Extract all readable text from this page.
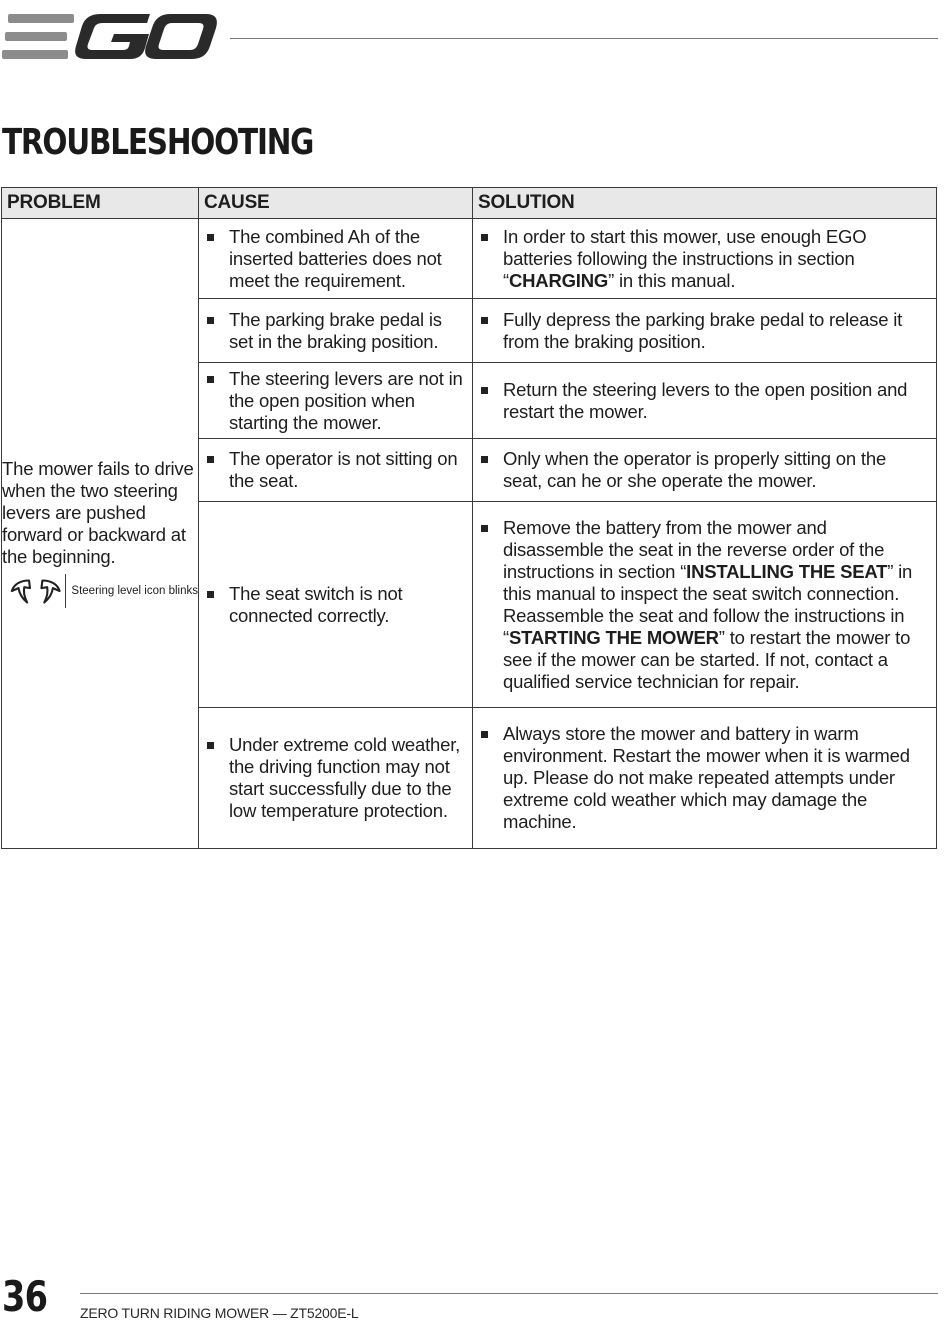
TROUBLESHOOTING
PROBLEM	CAUSE	SOLUTION

The mower fails to drive when the two steering levers are pushed forward or backward at the beginning.
Steering level icon blinks	The combined Ah of the inserted batteries does not meet the requirement.	In order to start this mower, use enough EGO batteries following the instructions in section “CHARGING” in this manual.

	The parking brake pedal is set in the braking position.	Fully depress the parking brake pedal to release it from the braking position.

	The steering levers are not in the open position when starting the mower.	Return the steering levers to the open position and restart the mower.

	The operator is not sitting on the seat.	Only when the operator is properly sitting on the seat, can he or she operate the mower.

	The seat switch is not connected correctly.	Remove the battery from the mower and disassemble the seat in the reverse order of the instructions in section “INSTALLING THE SEAT” in this manual to inspect the seat switch connection. Reassemble the seat and follow the instructions in “STARTING THE MOWER” to restart the mower to see if the mower can be started. If not, contact a qualified service technician for repair.

	Under extreme cold weather, the driving function may not start successfully due to the low temperature protection.	Always store the mower and battery in warm environment. Restart the mower when it is warmed up. Please do not make repeated attempts under extreme cold weather which may damage the machine.
36 ZERO TURN RIDING MOWER — ZT5200E-L
